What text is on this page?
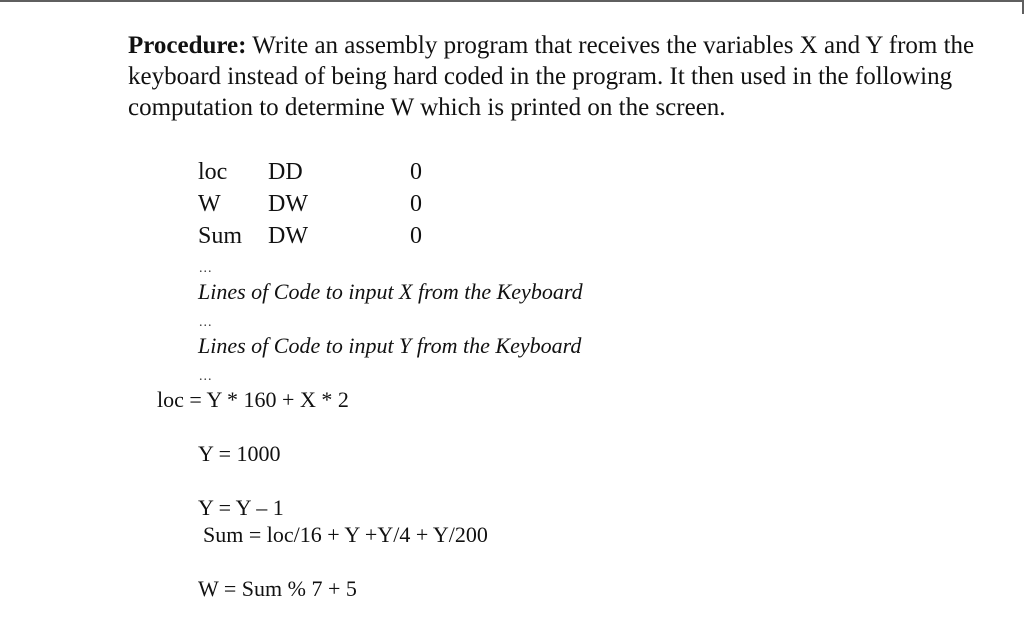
Procedure: Write an assembly program that receives the variables X and Y from the keyboard instead of being hard coded in the program. It then used in the following computation to determine W which is printed on the screen.

loc DD	0
W DW	0
Sum DW	0
...
Lines of Code to input X from the Keyboard
...
Lines of Code to input Y from the Keyboard
...
loc = Y * 160 + X * 2
Y = 1000
Y = Y – 1
Sum = loc/16 + Y +Y/4 + Y/200
W = Sum % 7 + 5
